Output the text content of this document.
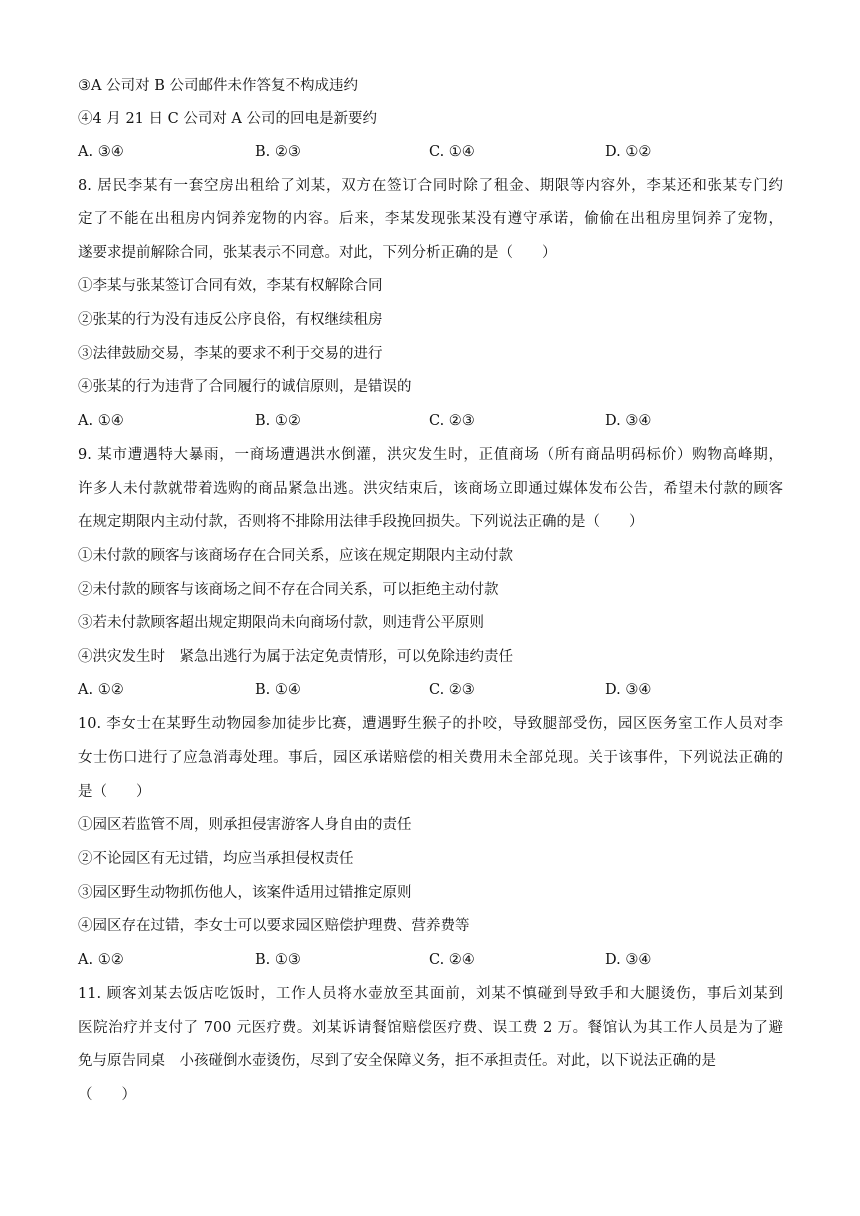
③A 公司对 B 公司邮件未作答复不构成违约
④4 月 21 日 C 公司对 A 公司的回电是新要约
A. ③④	B. ②③	C. ①④	D. ①②
8. 居民李某有一套空房出租给了刘某，双方在签订合同时除了租金、期限等内容外，李某还和张某专门约
定了不能在出租房内饲养宠物的内容。后来，李某发现张某没有遵守承诺，偷偷在出租房里饲养了宠物，
遂要求提前解除合同，张某表示不同意。对此，下列分析正确的是（　　）
①李某与张某签订合同有效，李某有权解除合同
②张某的行为没有违反公序良俗，有权继续租房
③法律鼓励交易，李某的要求不利于交易的进行
④张某的行为违背了合同履行的诚信原则，是错误的
A. ①④	B. ①②	C. ②③	D. ③④
9. 某市遭遇特大暴雨，一商场遭遇洪水倒灌，洪灾发生时，正值商场（所有商品明码标价）购物高峰期，
许多人未付款就带着选购的商品紧急出逃。洪灾结束后，该商场立即通过媒体发布公告，希望未付款的顾客
在规定期限内主动付款，否则将不排除用法律手段挽回损失。下列说法正确的是（　　）
①未付款的顾客与该商场存在合同关系，应该在规定期限内主动付款
②未付款的顾客与该商场之间不存在合同关系，可以拒绝主动付款
③若未付款顾客超出规定期限尚未向商场付款，则违背公平原则
④洪灾发生时　紧急出逃行为属于法定免责情形，可以免除违约责任
A. ①②	B. ①④	C. ②③	D. ③④
10. 李女士在某野生动物园参加徒步比赛，遭遇野生猴子的扑咬，导致腿部受伤，园区医务室工作人员对李
女士伤口进行了应急消毒处理。事后，园区承诺赔偿的相关费用未全部兑现。关于该事件，下列说法正确的
是（　　）
①园区若监管不周，则承担侵害游客人身自由的责任
②不论园区有无过错，均应当承担侵权责任
③园区野生动物抓伤他人，该案件适用过错推定原则
④园区存在过错，李女士可以要求园区赔偿护理费、营养费等
A. ①②	B. ①③	C. ②④	D. ③④
11. 顾客刘某去饭店吃饭时，工作人员将水壶放至其面前，刘某不慎碰到导致手和大腿烫伤，事后刘某到
医院治疗并支付了 700 元医疗费。刘某诉请餐馆赔偿医疗费、误工费 2 万。餐馆认为其工作人员是为了避
免与原告同桌　小孩碰倒水壶烫伤，尽到了安全保障义务，拒不承担责任。对此，以下说法正确的是
（　　）
